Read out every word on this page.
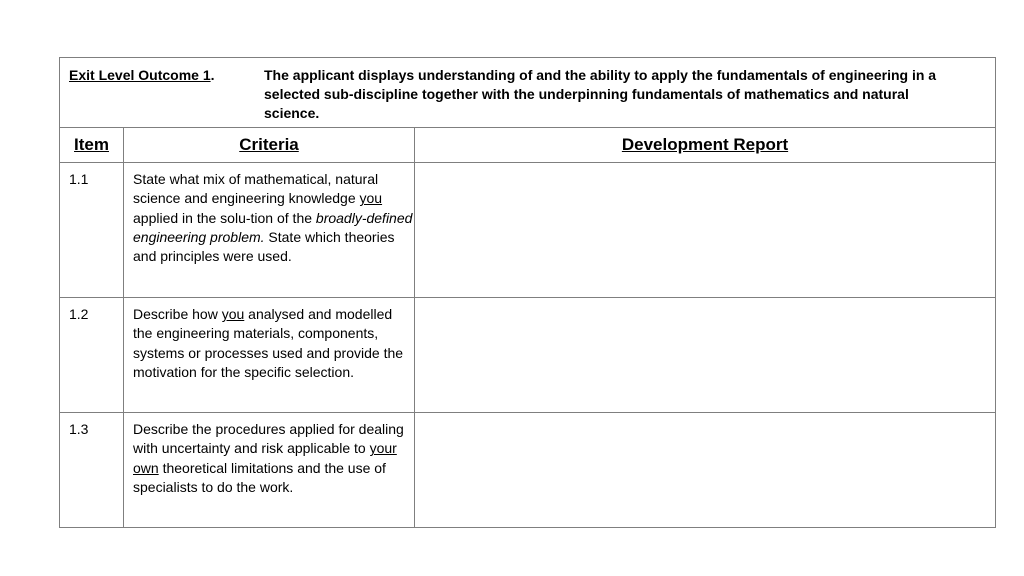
Exit Level Outcome 1. The applicant displays understanding of and the ability to apply the fundamentals of engineering in a selected sub-discipline together with the underpinning fundamentals of mathematics and natural science.		

Item	Criteria	Development Report
1.1	State what mix of mathematical, natural science and engineering knowledge you applied in the solu-tion of the broadly-defined engineering problem. State which theories and principles were used.	
1.2	Describe how you analysed and modelled the engineering materials, components, systems or processes used and provide the motivation for the specific selection.	
1.3	Describe the procedures applied for dealing with uncertainty and risk applicable to your own theoretical limitations and the use of specialists to do the work.	
